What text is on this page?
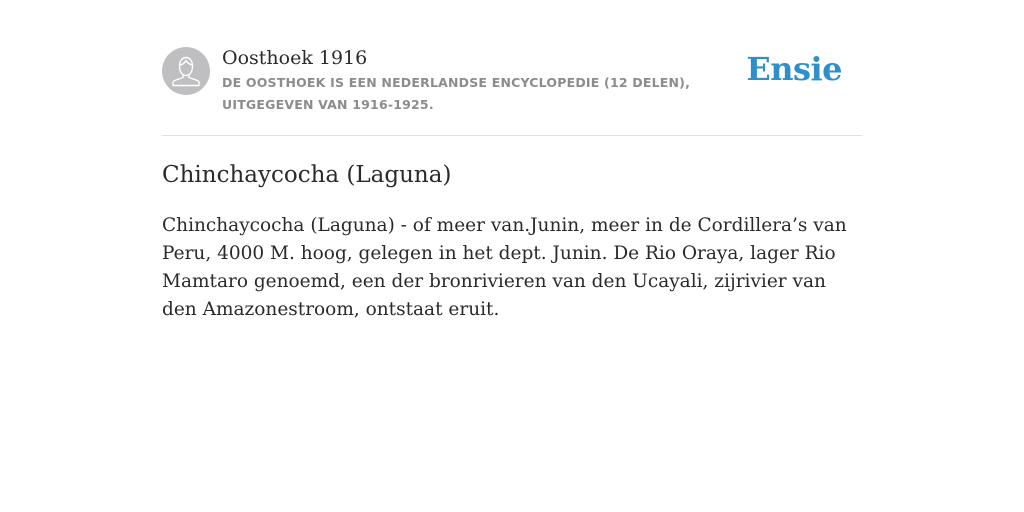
Oosthoek 1916
DE OOSTHOEK IS EEN NEDERLANDSE ENCYCLOPEDIE (12 DELEN), UITGEGEVEN VAN 1916-1925.
Ensie
Chinchaycocha (Laguna)

Chinchaycocha (Laguna) - of meer van.Junin, meer in de Cordillera’s van Peru, 4000 M. hoog, gelegen in het dept. Junin. De Rio Oraya, lager Rio Mamtaro genoemd, een der bronrivieren van den Ucayali, zijrivier van den Amazonestroom, ontstaat eruit.
